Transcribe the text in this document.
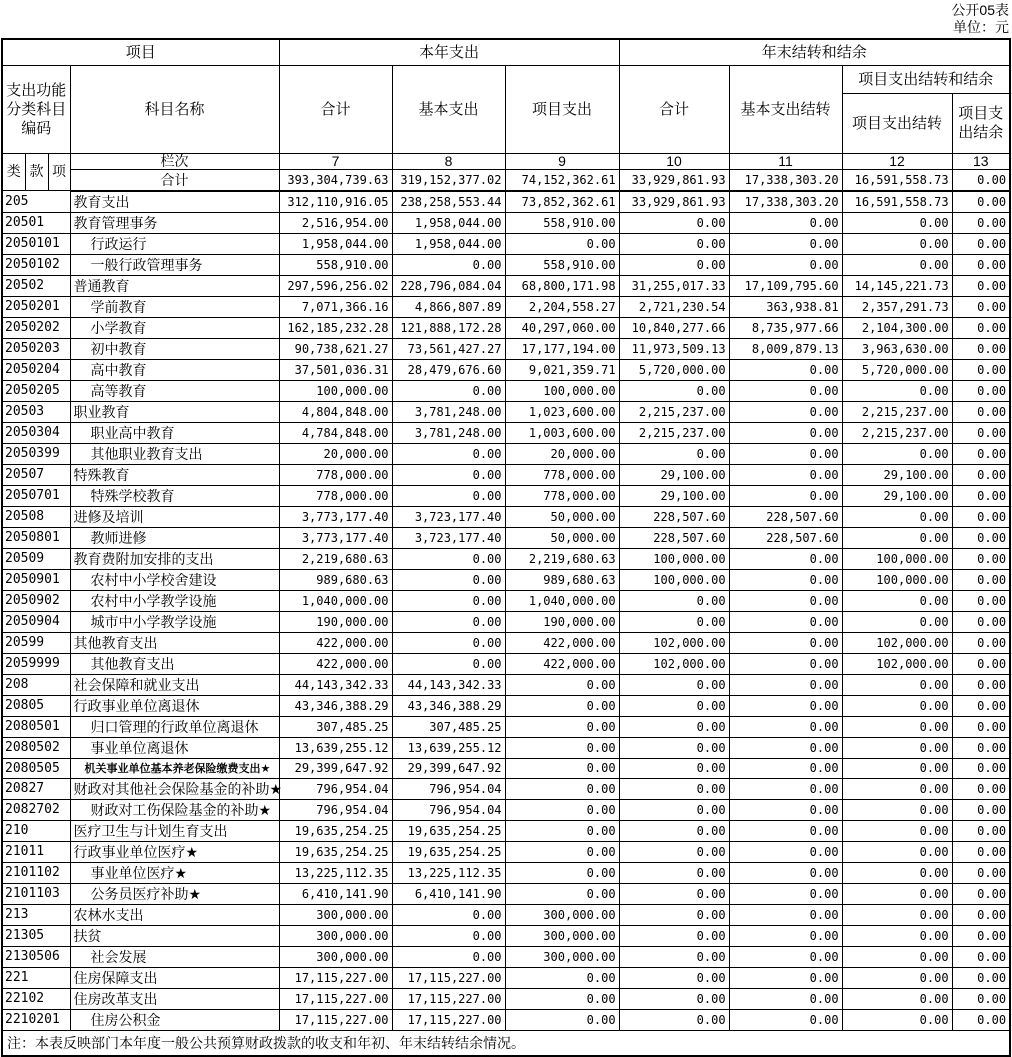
公开05表
单位：元
项目				本年支出			年末结转和结余			
支出功能分类科目编码			科目名称	合计	基本支出	项目支出	合计	基本支出结转	项目支出结转和结余	
									项目支出结转	项目支出结余
类	款	项	栏次	7	8	9	10	11	12	13
			合计	393,304,739.63	319,152,377.02	74,152,362.61	33,929,861.93	17,338,303.20	16,591,558.73	0.00
205			教育支出	312,110,916.05	238,258,553.44	73,852,362.61	33,929,861.93	17,338,303.20	16,591,558.73	0.00
20501			教育管理事务	2,516,954.00	1,958,044.00	558,910.00	0.00	0.00	0.00	0.00
2050101			行政运行	1,958,044.00	1,958,044.00	0.00	0.00	0.00	0.00	0.00
2050102			一般行政管理事务	558,910.00	0.00	558,910.00	0.00	0.00	0.00	0.00
20502			普通教育	297,596,256.02	228,796,084.04	68,800,171.98	31,255,017.33	17,109,795.60	14,145,221.73	0.00
2050201			学前教育	7,071,366.16	4,866,807.89	2,204,558.27	2,721,230.54	363,938.81	2,357,291.73	0.00
2050202			小学教育	162,185,232.28	121,888,172.28	40,297,060.00	10,840,277.66	8,735,977.66	2,104,300.00	0.00
2050203			初中教育	90,738,621.27	73,561,427.27	17,177,194.00	11,973,509.13	8,009,879.13	3,963,630.00	0.00
2050204			高中教育	37,501,036.31	28,479,676.60	9,021,359.71	5,720,000.00	0.00	5,720,000.00	0.00
2050205			高等教育	100,000.00	0.00	100,000.00	0.00	0.00	0.00	0.00
20503			职业教育	4,804,848.00	3,781,248.00	1,023,600.00	2,215,237.00	0.00	2,215,237.00	0.00
2050304			职业高中教育	4,784,848.00	3,781,248.00	1,003,600.00	2,215,237.00	0.00	2,215,237.00	0.00
2050399			其他职业教育支出	20,000.00	0.00	20,000.00	0.00	0.00	0.00	0.00
20507			特殊教育	778,000.00	0.00	778,000.00	29,100.00	0.00	29,100.00	0.00
2050701			特殊学校教育	778,000.00	0.00	778,000.00	29,100.00	0.00	29,100.00	0.00
20508			进修及培训	3,773,177.40	3,723,177.40	50,000.00	228,507.60	228,507.60	0.00	0.00
2050801			教师进修	3,773,177.40	3,723,177.40	50,000.00	228,507.60	228,507.60	0.00	0.00
20509			教育费附加安排的支出	2,219,680.63	0.00	2,219,680.63	100,000.00	0.00	100,000.00	0.00
2050901			农村中小学校舍建设	989,680.63	0.00	989,680.63	100,000.00	0.00	100,000.00	0.00
2050902			农村中小学教学设施	1,040,000.00	0.00	1,040,000.00	0.00	0.00	0.00	0.00
2050904			城市中小学教学设施	190,000.00	0.00	190,000.00	0.00	0.00	0.00	0.00
20599			其他教育支出	422,000.00	0.00	422,000.00	102,000.00	0.00	102,000.00	0.00
2059999			其他教育支出	422,000.00	0.00	422,000.00	102,000.00	0.00	102,000.00	0.00
208			社会保障和就业支出	44,143,342.33	44,143,342.33	0.00	0.00	0.00	0.00	0.00
20805			行政事业单位离退休	43,346,388.29	43,346,388.29	0.00	0.00	0.00	0.00	0.00
2080501			归口管理的行政单位离退休	307,485.25	307,485.25	0.00	0.00	0.00	0.00	0.00
2080502			事业单位离退休	13,639,255.12	13,639,255.12	0.00	0.00	0.00	0.00	0.00
2080505			机关事业单位基本养老保险缴费支出★	29,399,647.92	29,399,647.92	0.00	0.00	0.00	0.00	0.00
20827			财政对其他社会保险基金的补助★	796,954.04	796,954.04	0.00	0.00	0.00	0.00	0.00
2082702			财政对工伤保险基金的补助★	796,954.04	796,954.04	0.00	0.00	0.00	0.00	0.00
210			医疗卫生与计划生育支出	19,635,254.25	19,635,254.25	0.00	0.00	0.00	0.00	0.00
21011			行政事业单位医疗★	19,635,254.25	19,635,254.25	0.00	0.00	0.00	0.00	0.00
2101102			事业单位医疗★	13,225,112.35	13,225,112.35	0.00	0.00	0.00	0.00	0.00
2101103			公务员医疗补助★	6,410,141.90	6,410,141.90	0.00	0.00	0.00	0.00	0.00
213			农林水支出	300,000.00	0.00	300,000.00	0.00	0.00	0.00	0.00
21305			扶贫	300,000.00	0.00	300,000.00	0.00	0.00	0.00	0.00
2130506			社会发展	300,000.00	0.00	300,000.00	0.00	0.00	0.00	0.00
221			住房保障支出	17,115,227.00	17,115,227.00	0.00	0.00	0.00	0.00	0.00
22102			住房改革支出	17,115,227.00	17,115,227.00	0.00	0.00	0.00	0.00	0.00
2210201			住房公积金	17,115,227.00	17,115,227.00	0.00	0.00	0.00	0.00	0.00
注：本表反映部门本年度一般公共预算财政拨款的收支和年初、年末结转结余情况。										
